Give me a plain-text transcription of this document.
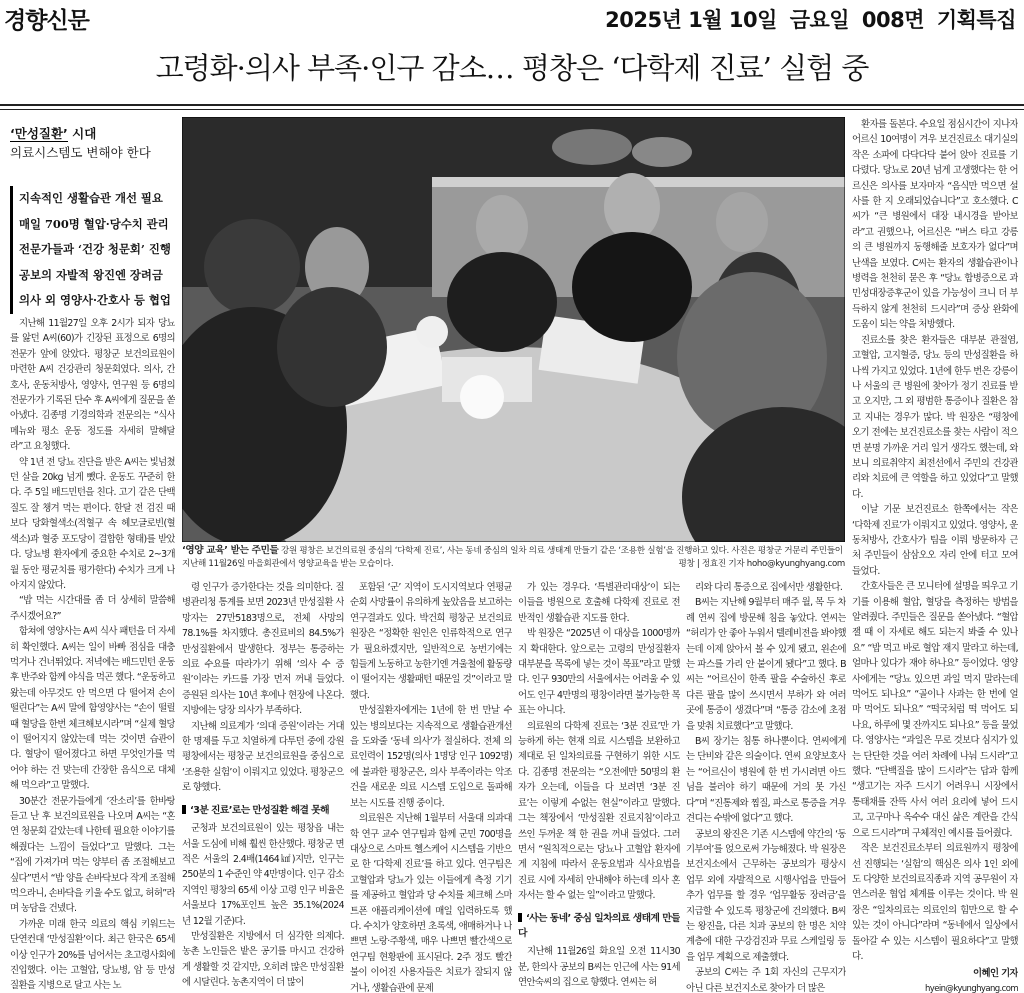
경향신문	2025년 1월 10일 금요일 008면 기획특집
고령화·의사 부족·인구 감소… 평창은 ‘다학제 진료’ 실험 중
‘만성질환’ 시대
의료시스템도 변해야 한다
지속적인 생활습관 개선 필요
매일 700명 혈압·당수치 관리
전문가들과 ‘건강 청문회’ 진행
공보의 자발적 왕진엔 장려금
의사 외 영양사·간호사 등 협업
‘영양 교육’ 받는 주민들 강원 평창은 보건의료원 중심의 ‘다학제 진료’, 사는 동네 중심의 일차 의료 생태계 만들기 같은 ‘조용한 실험’을 진행하고 있다. 사진은 평창군 거문리 주민들이 지난해 11월26일 마을회관에서 영양교육을 받는 모습이다.	평창 | 정효진 기자 hoho@kyunghyang.com

지난해 11월27일 오후 2시가 되자 당뇨를 앓던 A씨(60)가 긴장된 표정으로 6명의 전문가 앞에 앉았다. 평창군 보건의료원이 마련한 A씨 건강관리 청문회였다. 의사, 간호사, 운동처방사, 영양사, 연구원 등 6명의 전문가가 기록된 단수 후 A씨에게 질문을 쏟아냈다. 김종명 기경의학과 전문의는 “식사 메뉴와 평소 운동 정도를 자세히 말해달라”고 요청했다.

약 1년 전 당뇨 진단을 받은 A씨는 빛넘쳤던 살을 20kg 넘게 뺐다. 운동도 꾸준히 한다. 주 5일 배드민턴을 친다. 고기 같은 단백질도 잘 챙겨 먹는 편이다. 한달 전 검진 때보다 당화혈색소(적혈구 속 헤모글로빈(혈색소)과 혈중 포도당이 결합한 형태)를 받았다. 당뇨병 환자에게 중요한 수치로 2~3개월 동안 평균치를 평가한다) 수치가 크게 나아지지 않았다.

“밥 먹는 시간대를 좀 더 상세히 말씀해 주시겠어요?”

함쳐에 영양사는 A씨 식사 패턴을 더 자세히 확인했다. A씨는 일이 바빠 점심을 대충 먹거나 건너뛰었다. 저녁에는 배드민턴 운동 후 반주와 함께 야식을 먹곤 했다. “운동하고 왔는데 아무것도 안 먹으면 다 떨어져 손이 떨린다”는 A씨 말에 함영양사는 “손이 떨릴 때 혈당을 한번 체크해보시라”며 “실제 혈당이 떨어지지 않았는데 먹는 것이면 습관이다. 혈당이 떨어졌다고 하면 무엇인가를 먹어야 하는 건 맞는데 간장한 음식으로 대체해 먹으라”고 말했다.

30분간 전문가들에게 ‘잔소리’를 한바탕 듣고 난 후 보건의료원을 나오며 A씨는 “혼연 청문회 같았는데 나한테 필요한 이야기를 해줬다는 느낌이 들었다”고 말했다. 그는 “집에 가져가며 먹는 양부터 좀 조절해보고 싶다”면서 “밥 양을 손바닥보다 작게 조절해 먹으라니, 손바닥을 키울 수도 없고, 허허”라며 농담을 건넸다.

가까운 미래 한국 의료의 핵심 키워드는 단연컨대 ‘만성질환’이다. 최근 한국은 65세 이상 인구가 20%를 넘어서는 초고령사회에 진입했다. 이는 고혈압, 당뇨병, 암 등 만성질환을 지병으로 달고 사는 노

령 인구가 증가한다는 것을 의미한다. 질병관리청 통계를 보면 2023년 만성질환 사망자는 27만5183명으로, 전체 사망의 78.1%를 차지했다. 총진료비의 84.5%가 만성질환에서 발생한다. 정부는 통증하는 의료 수요를 따라가기 위해 ‘의사 수 증원’이라는 카드를 가장 먼저 꺼내 들었다. 증원된 의사는 10년 후에나 현장에 나온다. 지방에는 당장 의사가 부족하다.

지난해 의료계가 ‘의대 증원’이라는 거대한 명제를 두고 치열하게 다투던 중에 강원 평창에서는 평창군 보건의료원을 중심으로 ‘조용한 실험’이 이뤄지고 있었다. 평창군으로 향했다.

‘3분 진료’로는 만성질환 해결 못해

군청과 보건의료원이 있는 평창읍 내는 서울 도심에 비해 훨씬 한산했다. 평창군 면적은 서울의 2.4배(1464㎢)지만, 인구는 250분의 1 수준인 약 4만명이다. 인구 감소지역인 평창의 65세 이상 고령 인구 비율은 서울보다 17%포인트 높은 35.1%(2024년 12월 기준)다.

만성질환은 지방에서 더 심각한 의제다. 농촌 노인들은 밭은 공기를 마시고 건강하게 생활할 것 같지만, 오히려 많은 만성질환에 시달린다. 농촌지역이 더 많이

포함된 ‘군’ 지역이 도시지역보다 연평균 순회 사망률이 유의하게 높았음을 보고하는 연구결과도 있다. 박건희 평창군 보건의료원장은 “정확한 원인은 인류학적으로 연구가 필요하겠지만, 일반적으로 농번기에는 힘들게 노동하고 농한기엔 겨울철에 활동량이 떨어지는 생활패턴 때문일 것”이라고 말했다.

만성질환자에게는 1년에 한 번 만날 수 있는 병의보다는 지속적으로 생활습관개선을 도와줄 ‘동네 의사’가 절실하다. 전체 의료인력이 152명(의사 1명당 인구 1092명)에 불과한 평창군은, 의사 부족이라는 악조건을 새로운 의료 시스템 도입으로 돌파해보는 시도를 진행 중이다.

의료원은 지난해 1월부터 서울대 의과대학 연구 교수 연구팀과 함께 군민 700명을 대상으로 스마트 헬스케어 시스템을 기반으로 한 ‘다학제 진료’를 하고 있다. 연구팀은 고혈압과 당뇨가 있는 이들에게 측정 기기를 제공하고 혈압과 당 수치를 체크해 스마트폰 애플리케이션에 매일 입력하도록 했다. 수치가 양호하면 초록색, 애매하거나 나쁘면 노랑·주황색, 매우 나쁘면 빨간색으로 연구팀 현황판에 표시된다. 2주 정도 빨간불이 이어진 사용자들은 치료가 잘되지 않거나, 생활습관에 문제

가 있는 경우다. ‘특별관리대상’이 되는 이들을 병원으로 호출해 다학제 진료로 전반적인 생활습관 지도를 한다.

박 원장은 “2025년 이 대상을 1000명까지 확대한다. 앞으로는 고령의 만성질환자 대부분을 목록에 넣는 것이 목표”라고 말했다. 인구 930만의 서울에서는 어려울 수 있어도 인구 4만명의 평창이라면 불가능한 목표는 아니다.

의료원의 다학제 진료는 ‘3분 진료’만 가능하게 하는 현재 의료 시스템을 보완하고 제대로 된 일차의료를 구현하기 위한 시도다. 김종명 전문의는 “오전에만 50명의 환자가 오는데, 이들을 다 보려면 ‘3분 진료’는 이렇게 수없는 현실”이라고 말했다. 그는 책장에서 ‘만성질환 진료지침’이라고 쓰인 두꺼운 책 한 권을 꺼내 들었다. 그러면서 “원칙적으로는 당뇨나 고혈압 환자에게 지침에 따라서 운동요법과 식사요법을 진료 시에 자세히 안내해야 하는데 의사 혼자서는 할 수 없는 일”이라고 말했다.

‘사는 동네’ 중심 일차의료 생태계 만들다

지난해 11월26일 화요일 오전 11시30분, 한의사 공보의 B씨는 인근에 사는 91세 연안숙씨의 집으로 향했다. 연씨는 허

리와 다리 통증으로 집에서만 생활한다.

B씨는 지난해 9월부터 매주 월, 목 두 차례 연씨 집에 방문해 침을 놓았다. 연씨는 “허리가 안 좋아 누워서 텔레비전을 봐야했는데 이제 앉아서 볼 수 있게 됐고, 왼손에는 파스를 가리 안 붙이게 됐다”고 했다. B씨는 “어르신이 한족 팔을 수술하신 후로 다른 팔을 많이 쓰시면서 부하가 와 여러 곳에 통증이 생겼다”며 “통증 감소에 초점을 맞춰 치료했다”고 말했다.

B씨 장기는 침통 하나뿐이다. 연씨에게는 단비와 같은 의술이다. 연씨 요양보호사는 “어르신이 병원에 한 번 가시려면 아드님을 불러야 하기 때문에 거의 못 가신다”며 “진통제와 찜질, 파스로 통증을 겨우 견디는 수밖에 없다”고 했다.

공보의 왕진은 기존 시스템에 약간의 ‘동기부여’를 얹으로써 가능해졌다. 박 원장은 보건지소에서 근무하는 공보의가 평상시 업무 외에 자발적으로 시행사업을 만들어 추가 업무를 할 경우 ‘업무활동 장려금’을 지급할 수 있도록 평창군에 건의했다. B씨는 왕진을, 다른 치과 공보의 한 명은 치약계층에 대한 구강검진과 무료 스케일링 등을 업무 계획으로 제출했다.

공보의 C씨는 주 1회 자신의 근무지가 아닌 다른 보건지소로 찾아가 더 많은

환자를 돌본다. 수요일 점심시간이 지나자 어르신 10여명이 겨우 보건진료소 대기실의 작은 소파에 다닥다닥 붙어 앉아 진료를 기다렸다. 당뇨로 20년 넘게 고생했다는 한 어르신은 의사를 보자마자 “음식만 먹으면 설사를 한 지 오래되었습니다”고 호소했다. C씨가 “큰 병원에서 대장 내시경을 받아보라”고 권했으나, 어르신은 “버스 타고 강릉의 큰 병원까지 동행해줄 보호자가 없다”며 난색을 보였다. C씨는 환자의 생활습관이나 병력을 천천히 묻은 후 “당뇨 합병증으로 과민성대장증후군이 있을 가능성이 크니 더 부득하지 않게 천천히 드시라”며 증상 완화에 도움이 되는 약을 처방했다.

진료소를 찾은 환자들은 대부분 관절염, 고혈압, 고지혈증, 당뇨 등의 만성질환을 하나씩 가지고 있었다. 1년에 한두 번은 강릉이나 서울의 큰 병원에 찾아가 정기 진료를 받고 오지만, 그 외 평범한 통증이나 질환은 참고 지내는 경우가 많다. 박 원장은 “평창에 오기 전에는 보건진료소를 찾는 사람이 적으면 분명 가까운 거리 일거 생각도 했는데, 와보니 의료취약지 최전선에서 주민의 건강관리와 치료에 큰 역할을 하고 있었다”고 말했다.

이날 기문 보건진료소 한쪽에서는 작은 ‘다학제 진료’가 이뤄지고 있었다. 영양사, 운동처방사, 간호사가 팀을 이뤄 방문하자 근처 주민들이 삼삼오오 자리 안에 터고 모여들었다.

간호사들은 큰 모니터에 설명을 띄우고 기기를 이용해 혈압, 혈당을 측정하는 방법을 알려줬다. 주민들은 질문을 쏟아냈다. “혈압 잴 때 이 자세로 해도 되는지 봐줄 수 있나요” “밥 먹고 바로 혈압 재지 말라고 하는데, 얼마나 있다가 재야 하나요” 등이었다. 영양사에게는 “당뇨 있으면 과일 먹지 말라는데 먹어도 되나요” “골이나 사과는 한 번에 얼마 먹어도 되나요” “떡국처럼 떡 먹어도 되나요, 하루에 몇 잔까지도 되나요” 등을 물었다. 영양사는 “과일은 무로 것보다 심지가 있는 단단한 것을 여러 차례에 나눠 드시라”고 했다. “단백질을 많이 드시라”는 답과 함께 “생고기는 자주 드시기 어려우니 시장에서 통태채를 잔뜩 사서 여러 요리에 넣어 드시고, 고구마나 옥수수 대신 삶은 계란을 간식으로 드시라”며 구체적인 예시를 들어줬다.

작은 보건진료소부터 의료원까지 평창에선 진행되는 ‘실험’의 핵심은 의사 1인 외에도 다양한 보건의료직종과 지역 공무원이 자연스러운 협업 체계를 이루는 것이다. 박 원장은 “일차의료는 의료인의 힘만으로 할 수 있는 것이 아니다”라며 “동네에서 일상에서 돌아갈 수 있는 시스템이 필요하다”고 말했다.

이혜인 기자
hyein@kyunghyang.com
